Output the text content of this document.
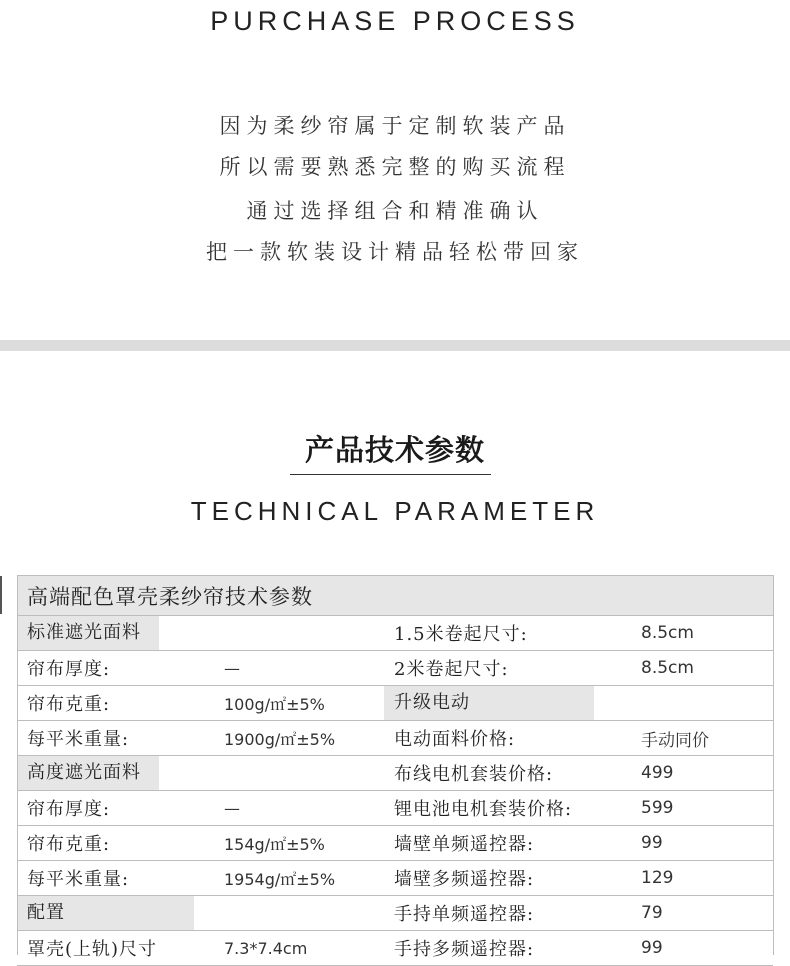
PURCHASE PROCESS
因为柔纱帘属于定制软装产品
所以需要熟悉完整的购买流程
通过选择组合和精准确认
把一款软装设计精品轻松带回家
产品技术参数
TECHNICAL PARAMETER
高端配色罩壳柔纱帘技术参数			
标准遮光面料		1.5米卷起尺寸:	8.5cm
帘布厚度:	—	2米卷起尺寸:	8.5cm
帘布克重:	100g/㎡±5%	升级电动	
每平米重量:	1900g/㎡±5%	电动面料价格:	手动同价
高度遮光面料		布线电机套装价格:	499
帘布厚度:	—	锂电池电机套装价格:	599
帘布克重:	154g/㎡±5%	墙壁单频遥控器:	99
每平米重量:	1954g/㎡±5%	墙壁多频遥控器:	129
配置		手持单频遥控器:	79
罩壳(上轨)尺寸	7.3*7.4cm	手持多频遥控器:	99
